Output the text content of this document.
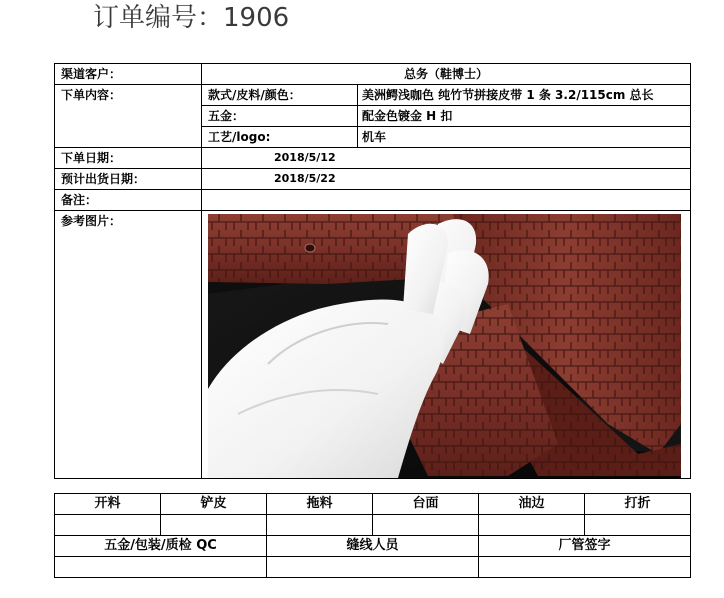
订单编号：1906
渠道客户：	总务（鞋博士）	
下单内容：	款式/皮料/颜色：	美洲鳄浅咖色 纯竹节拼接皮带 1 条 3.2/115cm 总长
	五金：	配金色镀金 H 扣
	工艺/logo:	机车
下单日期：	2018/5/12	
预计出货日期：	2018/5/22	
备注：		
参考图片：	
开料	铲皮	拖料	台面	油边	打折

五金/包装/质检 QC		缝线人员		厂管签字	
